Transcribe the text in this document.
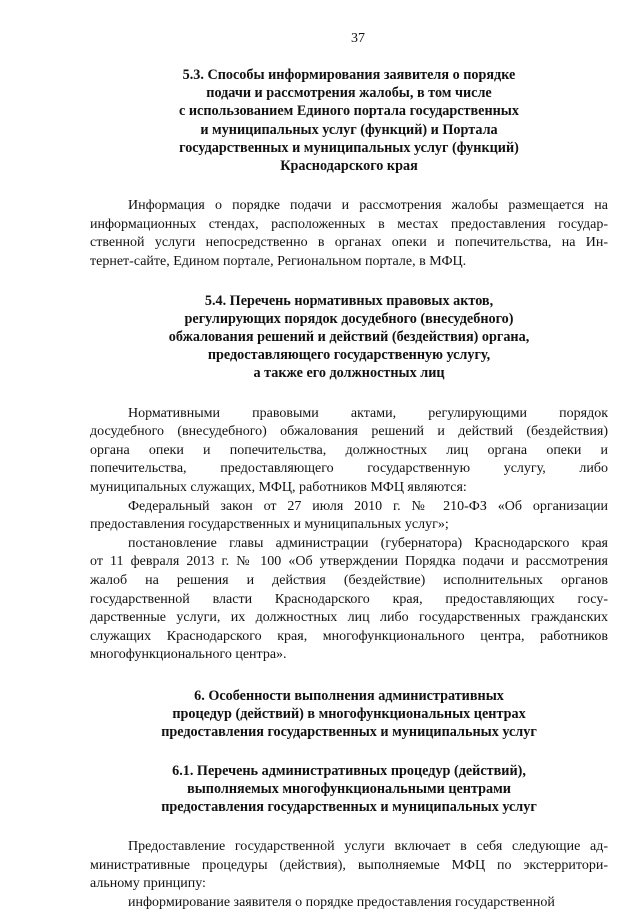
37
5.3. Способы информирования заявителя о порядке
подачи и рассмотрения жалобы, в том числе
с использованием Единого портала государственных
и муниципальных услуг (функций) и Портала
государственных и муниципальных услуг (функций)
Краснодарского края
Информация о порядке подачи и рассмотрения жалобы размещается на
информационных стендах, расположенных в местах предоставления государ-
ственной услуги непосредственно в органах опеки и попечительства, на Ин-
тернет-сайте, Едином портале, Региональном портале, в МФЦ.
5.4. Перечень нормативных правовых актов,
регулирующих порядок досудебного (внесудебного)
обжалования решений и действий (бездействия) органа,
предоставляющего государственную услугу,
а также его должностных лиц
Нормативными правовыми актами, регулирующими порядок
досудебного (внесудебного) обжалования решений и действий (бездействия)
органа опеки и попечительства, должностных лиц органа опеки и
попечительства, предоставляющего государственную услугу, либо
муниципальных служащих, МФЦ, работников МФЦ являются:
Федеральный закон от 27 июля 2010 г. № 210-ФЗ «Об организации
предоставления государственных и муниципальных услуг»;
постановление главы администрации (губернатора) Краснодарского края
от 11 февраля 2013 г. № 100 «Об утверждении Порядка подачи и рассмотрения
жалоб на решения и действия (бездействие) исполнительных органов
государственной власти Краснодарского края, предоставляющих госу-
дарственные услуги, их должностных лиц либо государственных гражданских
служащих Краснодарского края, многофункционального центра, работников
многофункционального центра».
6. Особенности выполнения административных
процедур (действий) в многофункциональных центрах
предоставления государственных и муниципальных услуг
6.1. Перечень административных процедур (действий),
выполняемых многофункциональными центрами
предоставления государственных и муниципальных услуг
Предоставление государственной услуги включает в себя следующие ад-
министративные процедуры (действия), выполняемые МФЦ по экстерритори-
альному принципу:
информирование заявителя о порядке предоставления государственной
